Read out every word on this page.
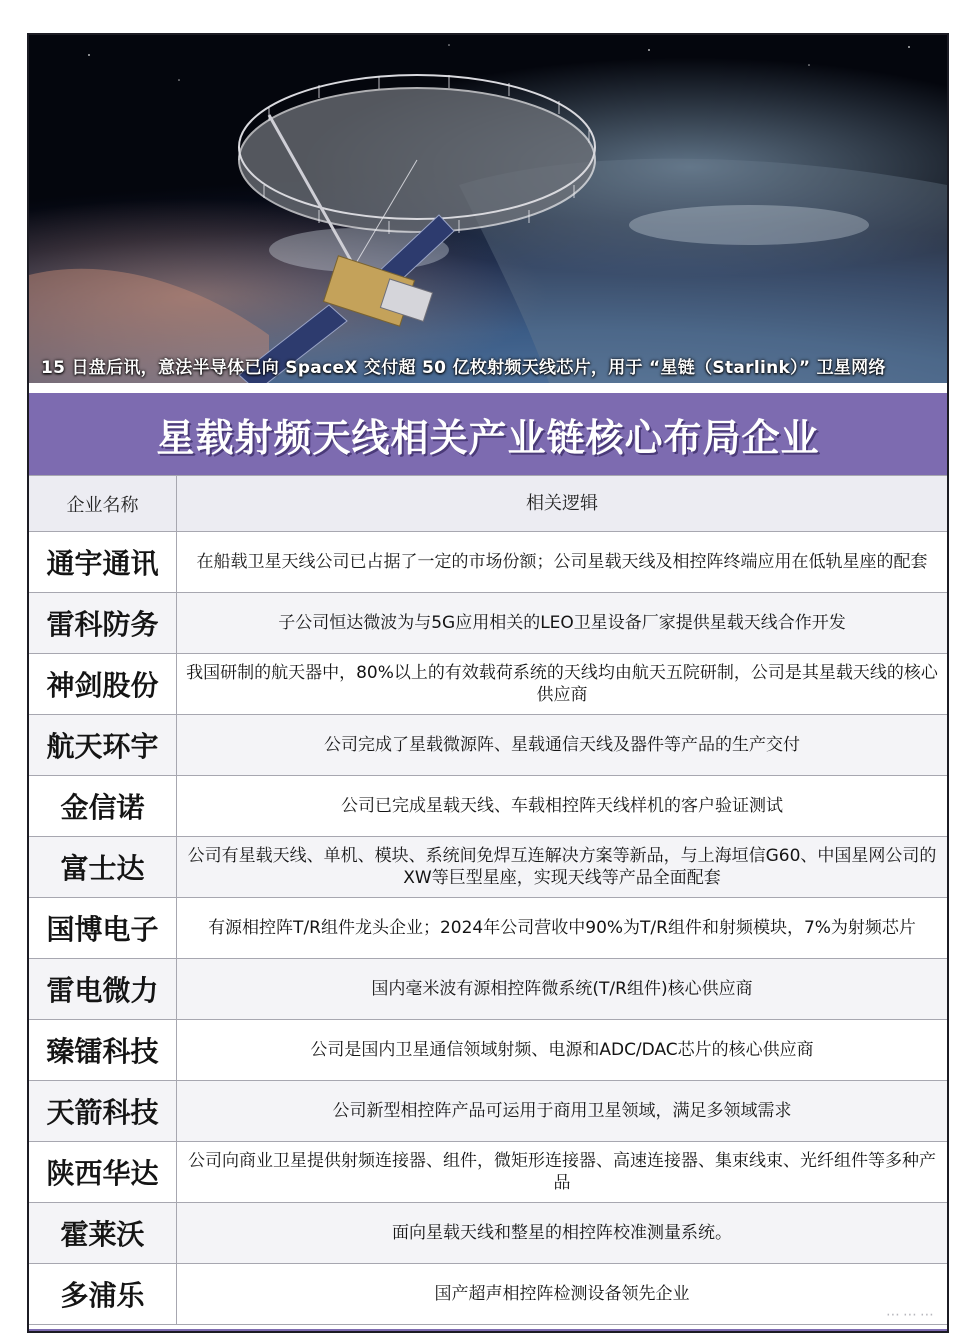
15 日盘后讯，意法半导体已向 SpaceX 交付超 50 亿枚射频天线芯片，用于 “星链（Starlink）” 卫星网络
星载射频天线相关产业链核心布局企业
企业名称	相关逻辑
通宇通讯	在船载卫星天线公司已占据了一定的市场份额；公司星载天线及相控阵终端应用在低轨星座的配套
雷科防务	子公司恒达微波为与5G应用相关的LEO卫星设备厂家提供星载天线合作开发
神剑股份	我国研制的航天器中，80%以上的有效载荷系统的天线均由航天五院研制，公司是其星载天线的核心供应商
航天环宇	公司完成了星载微源阵、星载通信天线及器件等产品的生产交付
金信诺	公司已完成星载天线、车载相控阵天线样机的客户验证测试
富士达	公司有星载天线、单机、模块、系统间免焊互连解决方案等新品，与上海垣信G60、中国星网公司的XW等巨型星座，实现天线等产品全面配套
国博电子	有源相控阵T/R组件龙头企业；2024年公司营收中90%为T/R组件和射频模块，7%为射频芯片
雷电微力	国内毫米波有源相控阵微系统(T/R组件)核心供应商
臻镭科技	公司是国内卫星通信领域射频、电源和ADC/DAC芯片的核心供应商
天箭科技	公司新型相控阵产品可运用于商用卫星领域，满足多领域需求
陕西华达	公司向商业卫星提供射频连接器、组件，微矩形连接器、高速连接器、集束线束、光纤组件等多种产品
霍莱沃	面向星载天线和整星的相控阵校准测量系统。
多浦乐	国产超声相控阵检测设备领先企业
⋯⋯⋯
